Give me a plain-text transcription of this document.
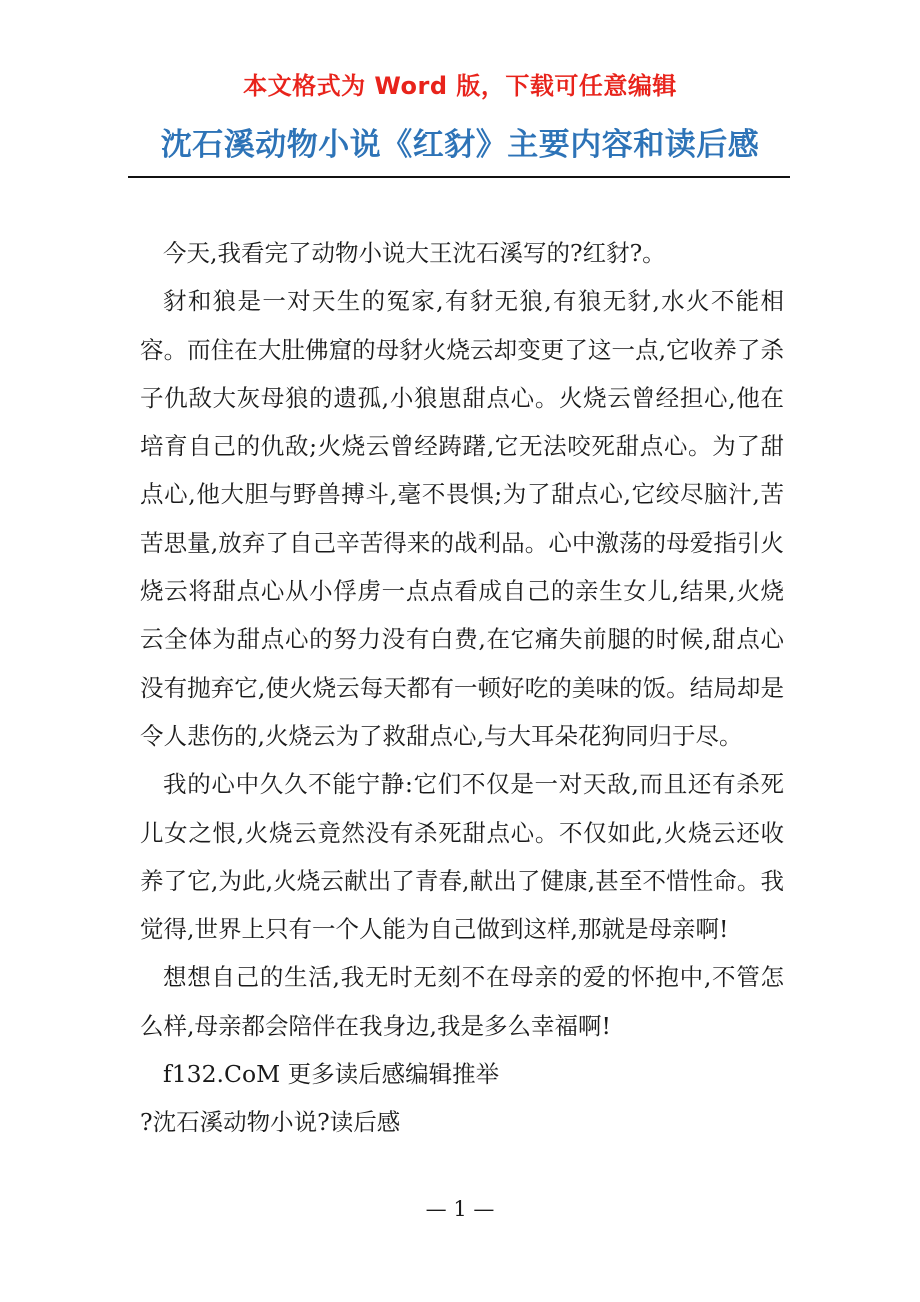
本文格式为 Word 版，下载可任意编辑
沈石溪动物小说《红豺》主要内容和读后感

今天,我看完了动物小说大王沈石溪写的?红豺?。

豺和狼是一对天生的冤家,有豺无狼,有狼无豺,水火不能相容。而住在大肚佛窟的母豺火烧云却变更了这一点,它收养了杀子仇敌大灰母狼的遗孤,小狼崽甜点心。火烧云曾经担心,他在培育自己的仇敌;火烧云曾经踌躇,它无法咬死甜点心。为了甜点心,他大胆与野兽搏斗,毫不畏惧;为了甜点心,它绞尽脑汁,苦苦思量,放弃了自己辛苦得来的战利品。心中激荡的母爱指引火烧云将甜点心从小俘虏一点点看成自己的亲生女儿,结果,火烧云全体为甜点心的努力没有白费,在它痛失前腿的时候,甜点心没有抛弃它,使火烧云每天都有一顿好吃的美味的饭。结局却是令人悲伤的,火烧云为了救甜点心,与大耳朵花狗同归于尽。

我的心中久久不能宁静:它们不仅是一对天敌,而且还有杀死儿女之恨,火烧云竟然没有杀死甜点心。不仅如此,火烧云还收养了它,为此,火烧云献出了青春,献出了健康,甚至不惜性命。我觉得,世界上只有一个人能为自己做到这样,那就是母亲啊!

想想自己的生活,我无时无刻不在母亲的爱的怀抱中,不管怎么样,母亲都会陪伴在我身边,我是多么幸福啊!

f132.CoM 更多读后感编辑推举

?沈石溪动物小说?读后感

— 1 —
